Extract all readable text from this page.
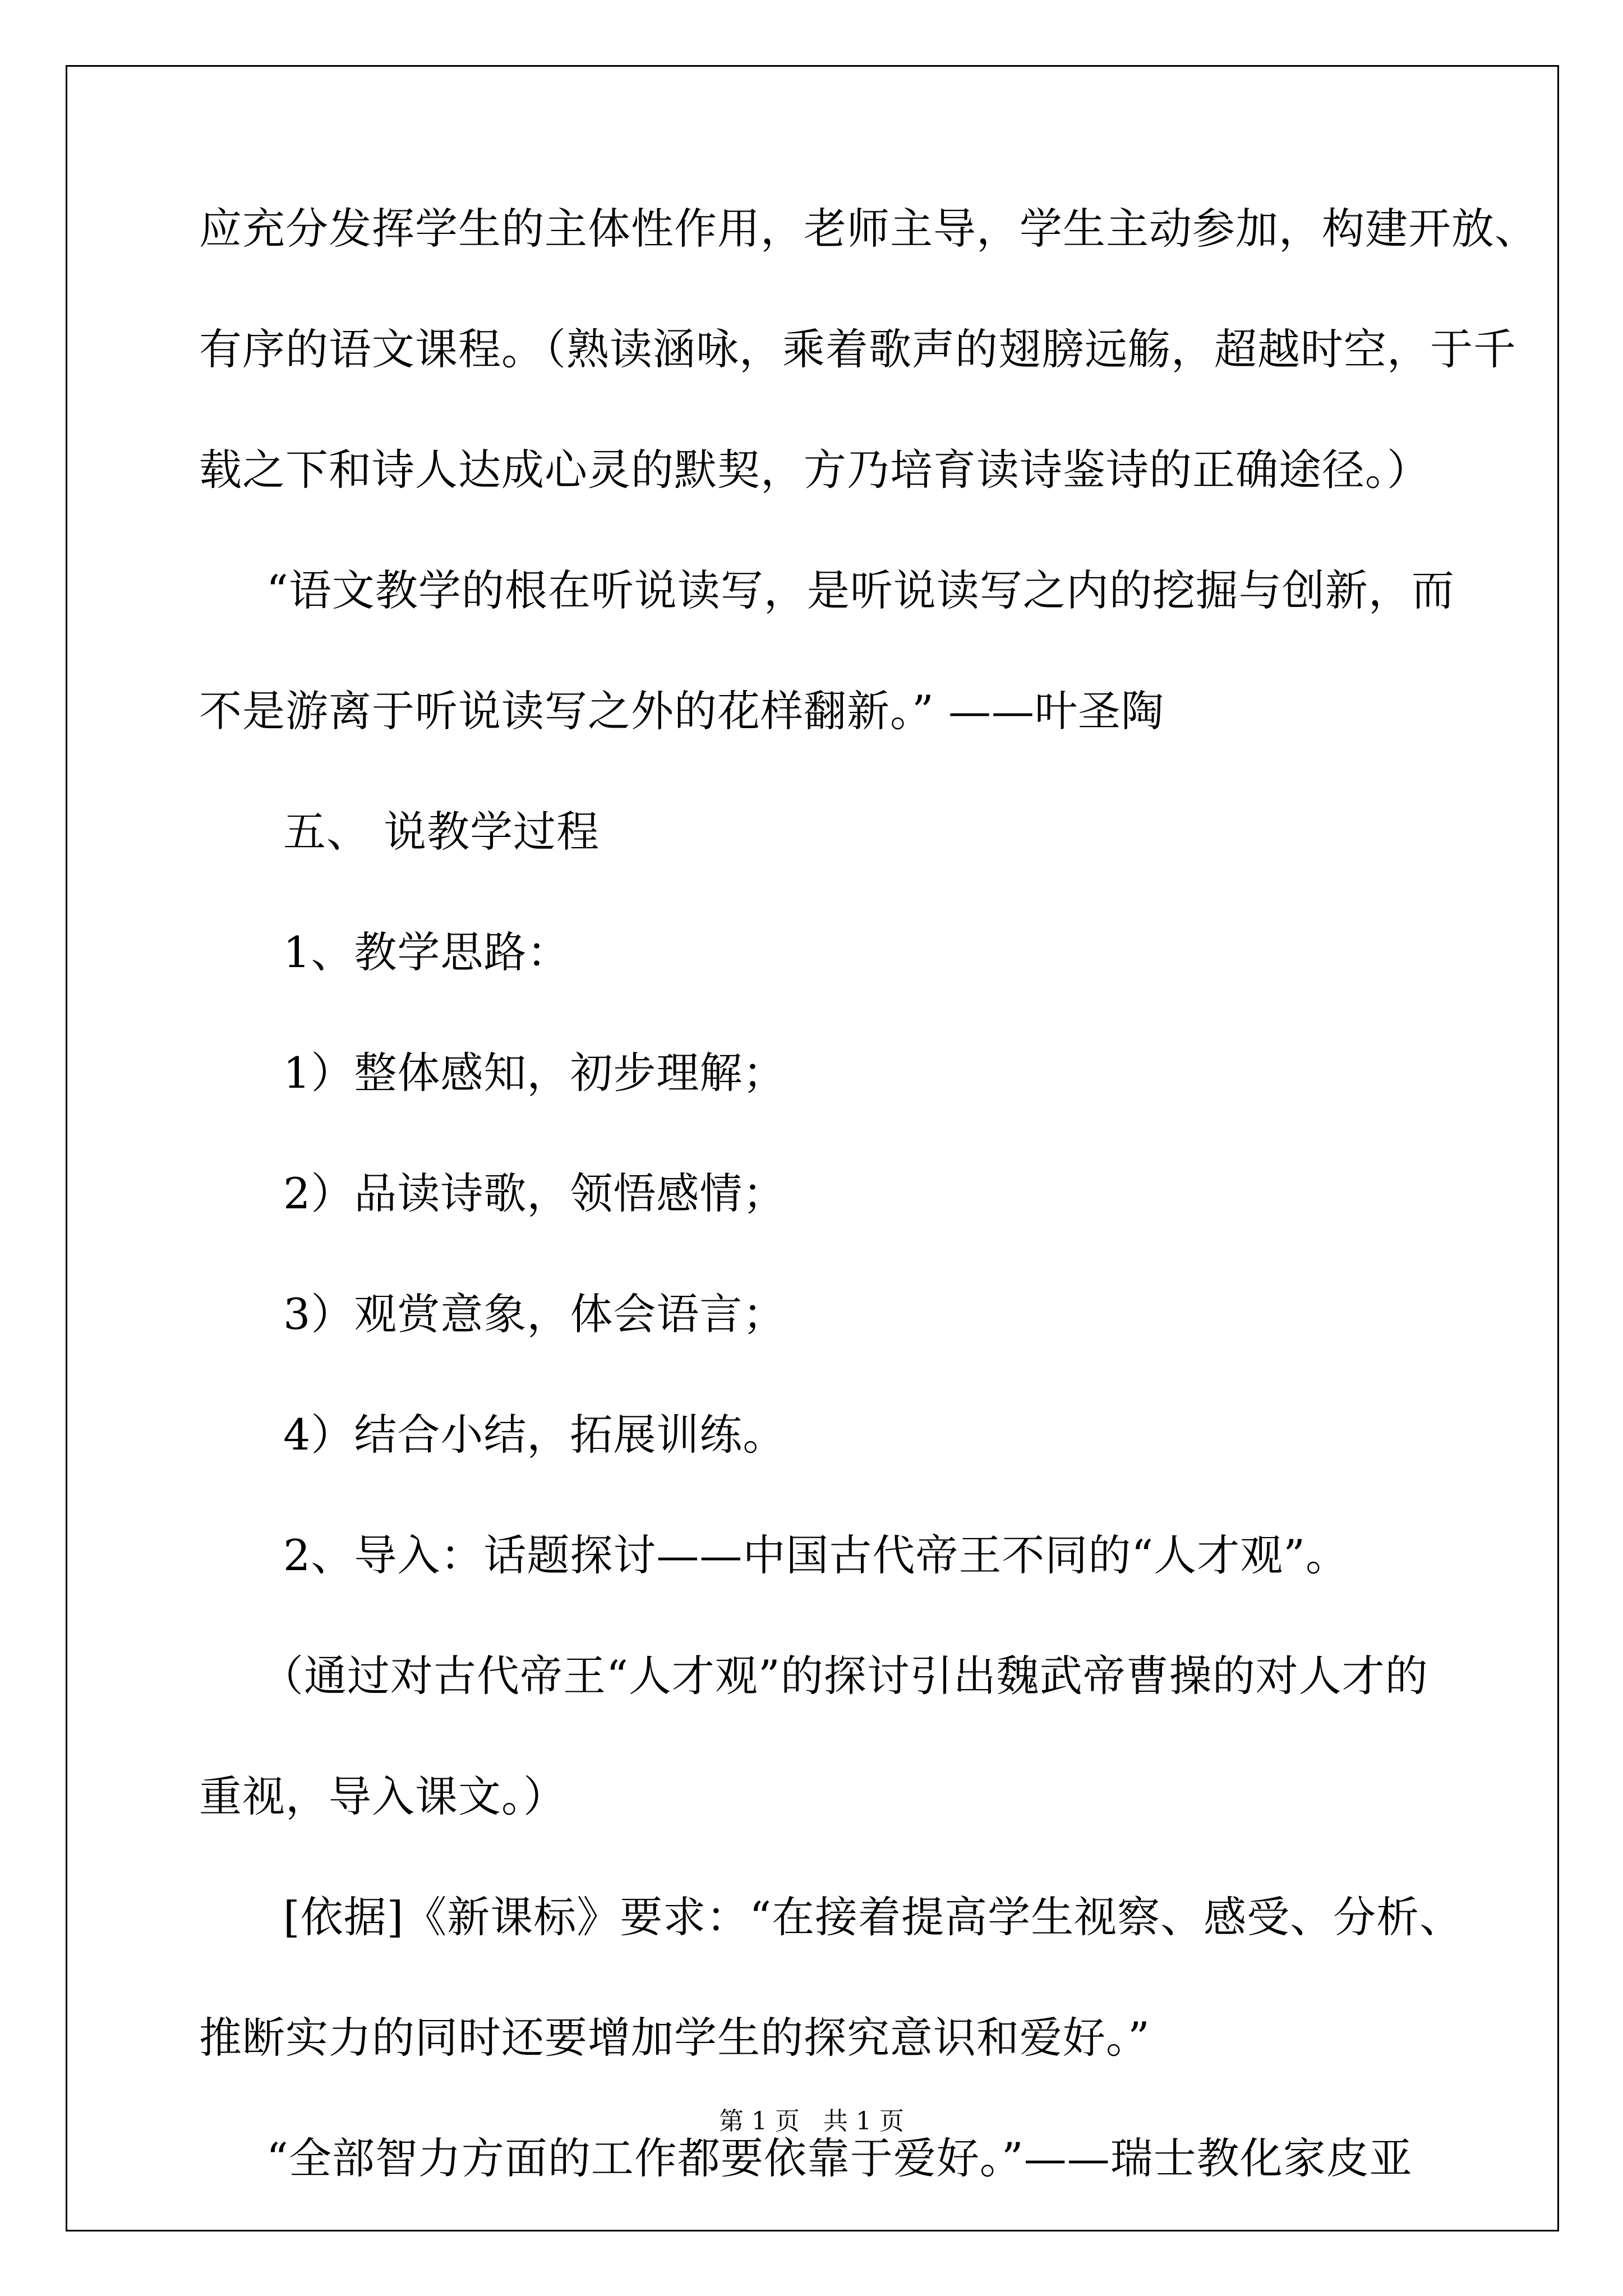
应充分发挥学生的主体性作用，老师主导，学生主动参加，构建开放、
有序的语文课程。（熟读涵咏，乘着歌声的翅膀远觞，超越时空，于千
载之下和诗人达成心灵的默契，方乃培育读诗鉴诗的正确途径。）
“语文教学的根在听说读写，是听说读写之内的挖掘与创新，而
不是游离于听说读写之外的花样翻新。” ——叶圣陶
五、 说教学过程
1、教学思路：
1）整体感知，初步理解；
2）品读诗歌，领悟感情；
3）观赏意象，体会语言；
4）结合小结，拓展训练。
2、导入：话题探讨——中国古代帝王不同的“人才观”。
（通过对古代帝王“人才观”的探讨引出魏武帝曹操的对人才的
重视，导入课文。）
[依据]《新课标》要求：“在接着提高学生视察、感受、分析、
推断实力的同时还要增加学生的探究意识和爱好。”
“全部智力方面的工作都要依靠于爱好。”——瑞士教化家皮亚
第 1 页   共 1 页
